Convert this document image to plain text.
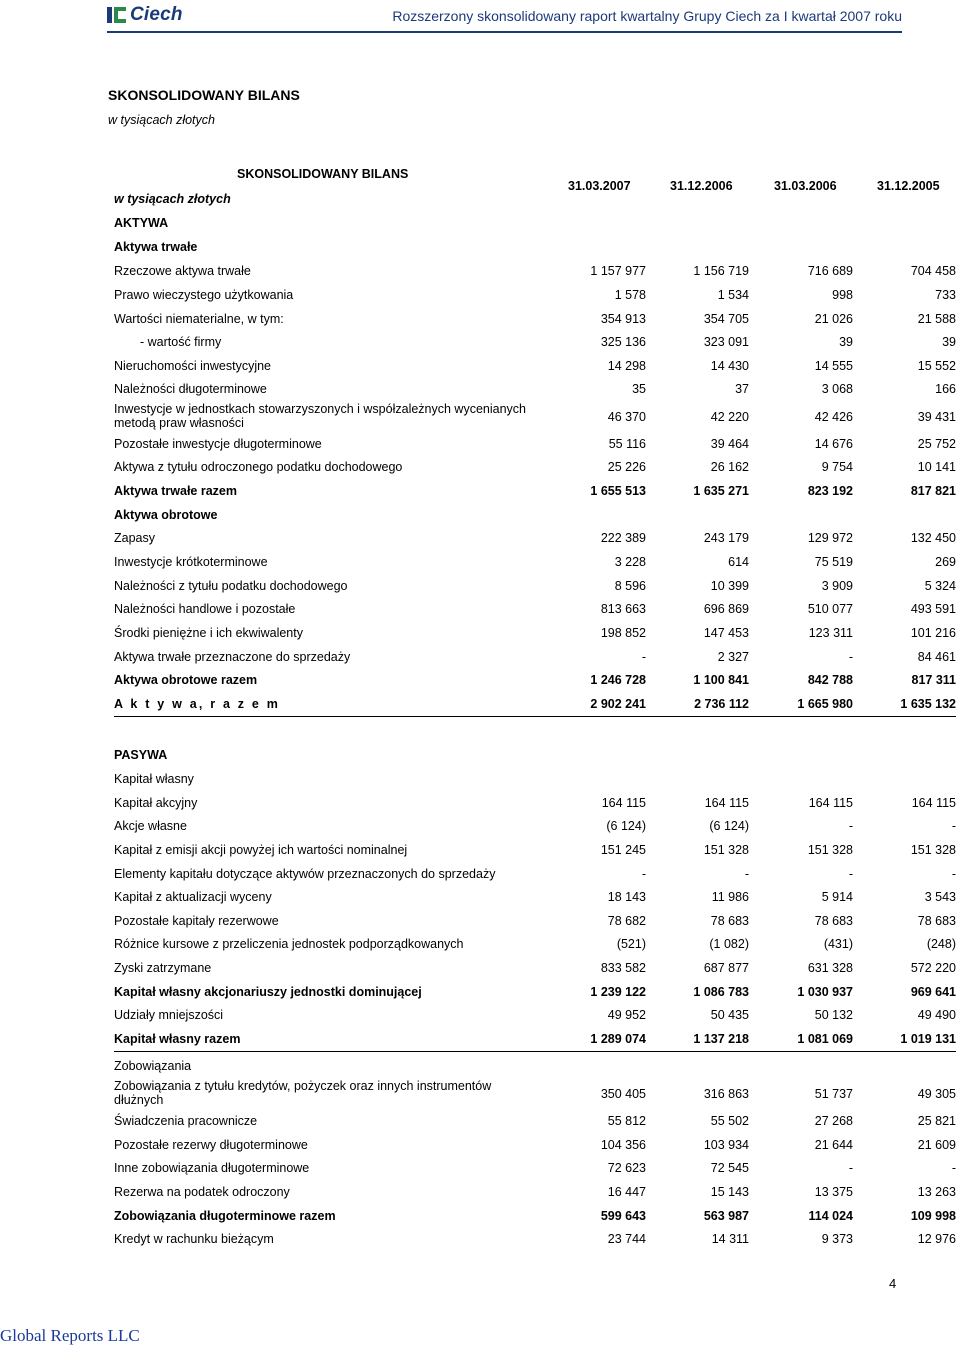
Ciech	Rozszerzony skonsolidowany raport kwartalny Grupy Ciech za I kwartał 2007 roku
SKONSOLIDOWANY BILANS
w tysiącach złotych
SKONSOLIDOWANY BILANS
w tysiącach złotych
31.03.2007	31.12.2006	31.03.2006	31.12.2005
AKTYWA
Aktywa trwałe
Rzeczowe aktywa trwałe	1 157 977	1 156 719	716 689	704 458
Prawo wieczystego użytkowania	1 578	1 534	998	733
Wartości niematerialne, w tym:	354 913	354 705	21 026	21 588
- wartość firmy	325 136	323 091	39	39
Nieruchomości inwestycyjne	14 298	14 430	14 555	15 552
Należności długoterminowe	35	37	3 068	166
Inwestycje w jednostkach stowarzyszonych i współzależnych wycenianych metodą praw własności	46 370	42 220	42 426	39 431
Pozostałe inwestycje długoterminowe	55 116	39 464	14 676	25 752
Aktywa z tytułu odroczonego podatku dochodowego	25 226	26 162	9 754	10 141
Aktywa trwałe razem	1 655 513	1 635 271	823 192	817 821
Aktywa obrotowe
Zapasy	222 389	243 179	129 972	132 450
Inwestycje krótkoterminowe	3 228	614	75 519	269
Należności z tytułu podatku dochodowego	8 596	10 399	3 909	5 324
Należności handlowe i pozostałe	813 663	696 869	510 077	493 591
Środki pieniężne i ich ekwiwalenty	198 852	147 453	123 311	101 216
Aktywa trwałe przeznaczone do sprzedaży	-	2 327	-	84 461
Aktywa obrotowe razem	1 246 728	1 100 841	842 788	817 311
A k t y w a, r a z e m	2 902 241	2 736 112	1 665 980	1 635 132
PASYWA
Kapitał własny
Kapitał akcyjny	164 115	164 115	164 115	164 115
Akcje własne	(6 124)	(6 124)	-	-
Kapitał z emisji akcji powyżej ich wartości nominalnej	151 245	151 328	151 328	151 328
Elementy kapitału dotyczące aktywów przeznaczonych do sprzedaży	-	-	-	-
Kapitał z aktualizacji wyceny	18 143	11 986	5 914	3 543
Pozostałe kapitały rezerwowe	78 682	78 683	78 683	78 683
Różnice kursowe z przeliczenia jednostek podporządkowanych	(521)	(1 082)	(431)	(248)
Zyski zatrzymane	833 582	687 877	631 328	572 220
Kapitał własny akcjonariuszy jednostki dominującej	1 239 122	1 086 783	1 030 937	969 641
Udziały mniejszości	49 952	50 435	50 132	49 490
Kapitał własny razem	1 289 074	1 137 218	1 081 069	1 019 131
Zobowiązania
Zobowiązania z tytułu kredytów, pożyczek oraz innych instrumentów dłużnych	350 405	316 863	51 737	49 305
Świadczenia pracownicze	55 812	55 502	27 268	25 821
Pozostałe rezerwy długoterminowe	104 356	103 934	21 644	21 609
Inne zobowiązania długoterminowe	72 623	72 545	-	-
Rezerwa na podatek odroczony	16 447	15 143	13 375	13 263
Zobowiązania długoterminowe razem	599 643	563 987	114 024	109 998
Kredyt w rachunku bieżącym	23 744	14 311	9 373	12 976
4
Global Reports LLC
